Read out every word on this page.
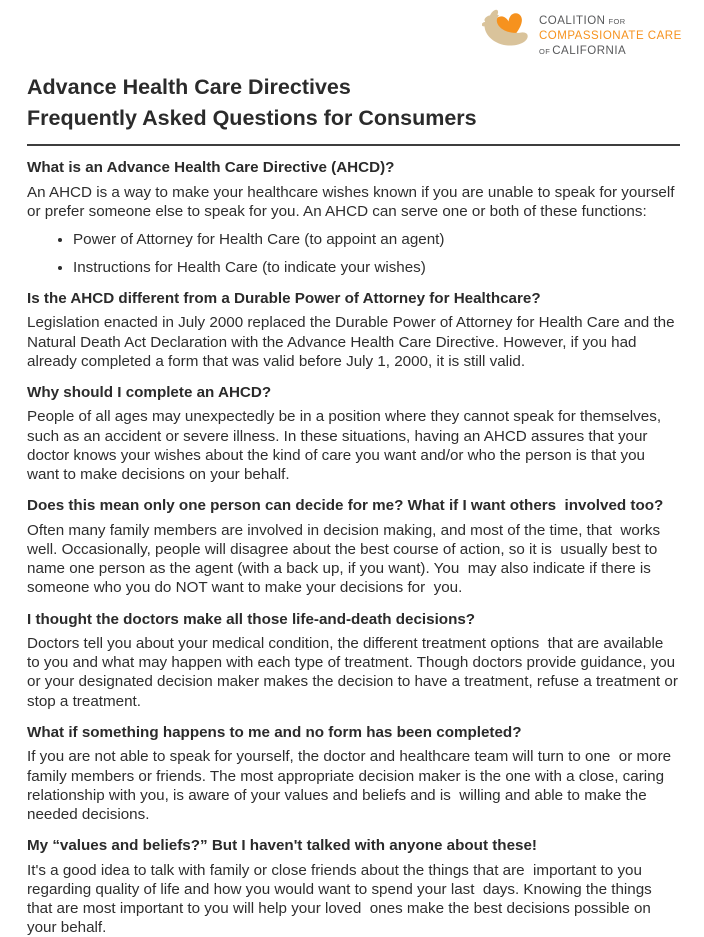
COALITION FOR
COMPASSIONATE CARE
OF CALIFORNIA
Advance Health Care Directives
Frequently Asked Questions for Consumers
What is an Advance Health Care Directive (AHCD)?

An AHCD is a way to make your healthcare wishes known if you are unable to speak for yourself or prefer someone else to speak for you. An AHCD can serve one or both of these functions:

• Power of Attorney for Health Care (to appoint an agent)
• Instructions for Health Care (to indicate your wishes)
Is the AHCD different from a Durable Power of Attorney for Healthcare?

Legislation enacted in July 2000 replaced the Durable Power of Attorney for Health Care and the Natural Death Act Declaration with the Advance Health Care Directive. However, if you had already completed a form that was valid before July 1, 2000, it is still valid.

Why should I complete an AHCD?

People of all ages may unexpectedly be in a position where they cannot speak for themselves, such as an accident or severe illness. In these situations, having an AHCD assures that your doctor knows your wishes about the kind of care you want and/or who the person is that you want to make decisions on your behalf.

Does this mean only one person can decide for me? What if I want others  involved too?

Often many family members are involved in decision making, and most of the time, that  works well. Occasionally, people will disagree about the best course of action, so it is  usually best to name one person as the agent (with a back up, if you want). You  may also indicate if there is someone who you do NOT want to make your decisions for  you.

I thought the doctors make all those life-and-death decisions?

Doctors tell you about your medical condition, the different treatment options  that are available to you and what may happen with each type of treatment. Though doctors provide guidance, you or your designated decision maker makes the decision to have a treatment, refuse a treatment or stop a treatment.

What if something happens to me and no form has been completed?

If you are not able to speak for yourself, the doctor and healthcare team will turn to one  or more family members or friends. The most appropriate decision maker is the one with a close, caring relationship with you, is aware of your values and beliefs and is  willing and able to make the needed decisions.

My “values and beliefs?” But I haven't talked with anyone about these!

It's a good idea to talk with family or close friends about the things that are  important to you regarding quality of life and how you would want to spend your last  days. Knowing the things that are most important to you will help your loved  ones make the best decisions possible on your behalf.
